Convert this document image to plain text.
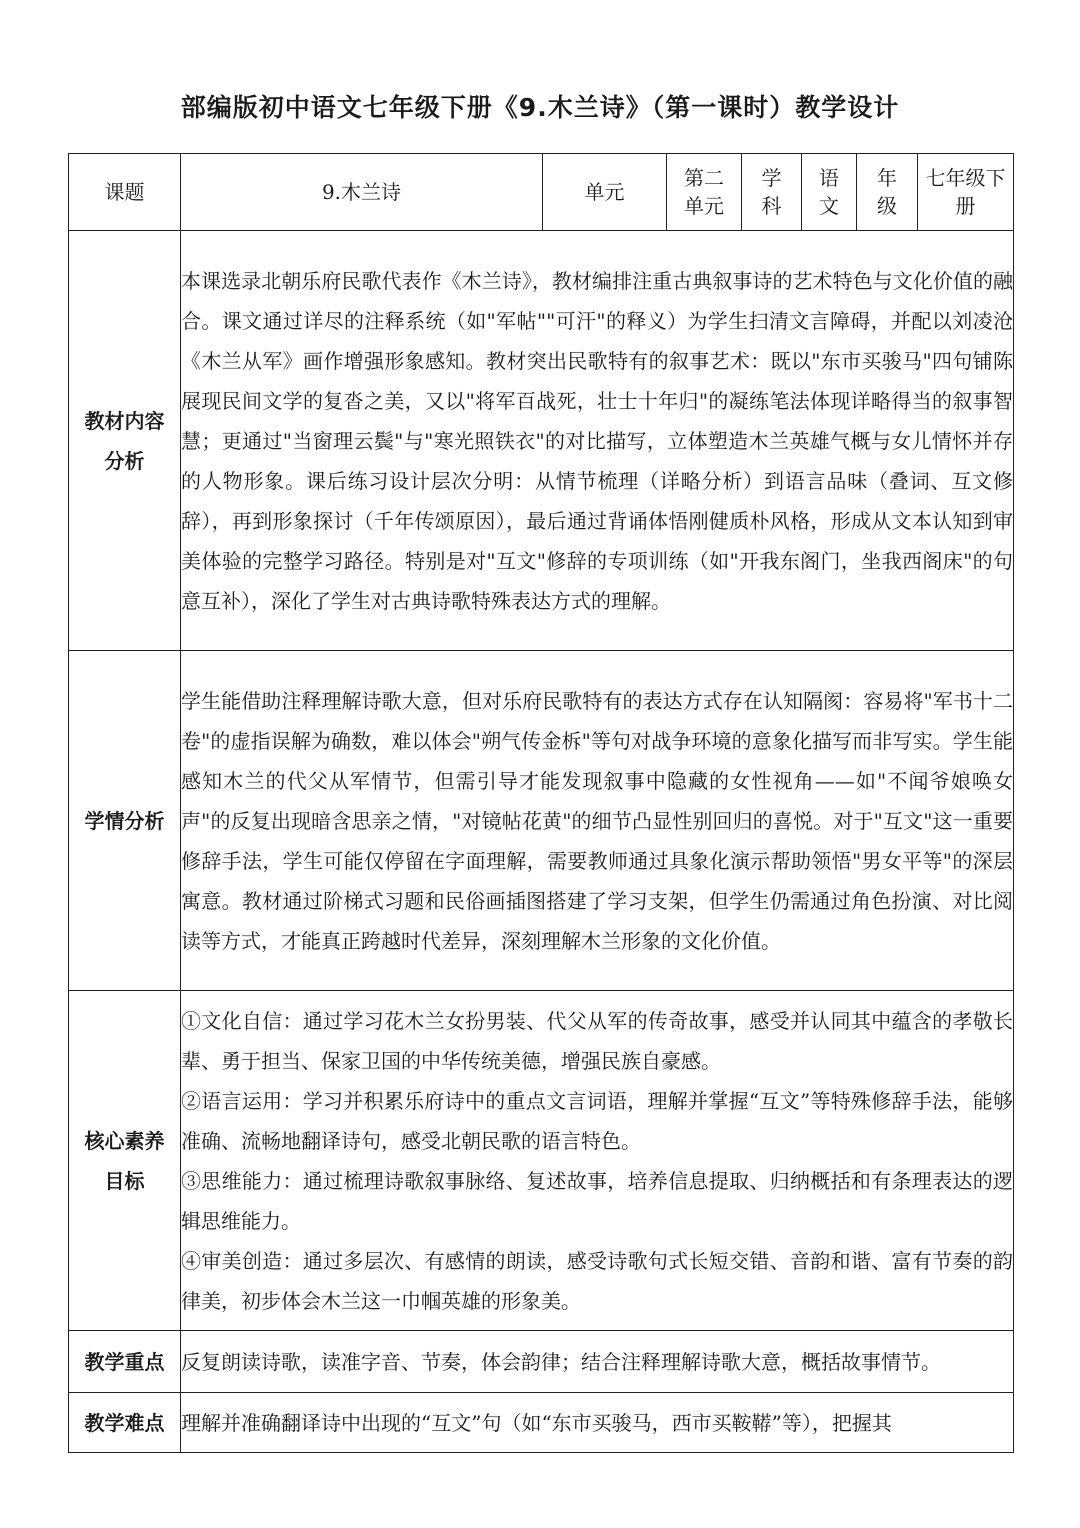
部编版初中语文七年级下册《9.木兰诗》（第一课时）教学设计
课题	9.木兰诗	单元	第二单元	学科	语文	年级	七年级下册

教材内容分析	本课选录北朝乐府民歌代表作《木兰诗》，教材编排注重古典叙事诗的艺术特色与文化价值的融合。课文通过详尽的注释系统（如"军帖""可汗"的释义）为学生扫清文言障碍，并配以刘凌沧《木兰从军》画作增强形象感知。教材突出民歌特有的叙事艺术：既以"东市买骏马"四句铺陈展现民间文学的复沓之美，又以"将军百战死，壮士十年归"的凝练笔法体现详略得当的叙事智慧；更通过"当窗理云鬓"与"寒光照铁衣"的对比描写，立体塑造木兰英雄气概与女儿情怀并存的人物形象。课后练习设计层次分明：从情节梳理（详略分析）到语言品味（叠词、互文修辞），再到形象探讨（千年传颂原因），最后通过背诵体悟刚健质朴风格，形成从文本认知到审美体验的完整学习路径。特别是对"互文"修辞的专项训练（如"开我东阁门，坐我西阁床"的句意互补），深化了学生对古典诗歌特殊表达方式的理解。						
学情分析	学生能借助注释理解诗歌大意，但对乐府民歌特有的表达方式存在认知隔阂：容易将"军书十二卷"的虚指误解为确数，难以体会"朔气传金柝"等句对战争环境的意象化描写而非写实。学生能感知木兰的代父从军情节，但需引导才能发现叙事中隐藏的女性视角——如"不闻爷娘唤女声"的反复出现暗含思亲之情，"对镜帖花黄"的细节凸显性别回归的喜悦。对于"互文"这一重要修辞手法，学生可能仅停留在字面理解，需要教师通过具象化演示帮助领悟"男女平等"的深层寓意。教材通过阶梯式习题和民俗画插图搭建了学习支架，但学生仍需通过角色扮演、对比阅读等方式，才能真正跨越时代差异，深刻理解木兰形象的文化价值。						

核心素养目标	①文化自信：通过学习花木兰女扮男装、代父从军的传奇故事，感受并认同其中蕴含的孝敬长辈、勇于担当、保家卫国的中华传统美德，增强民族自豪感。
②语言运用：学习并积累乐府诗中的重点文言词语，理解并掌握“互文”等特殊修辞手法，能够准确、流畅地翻译诗句，感受北朝民歌的语言特色。
③思维能力：通过梳理诗歌叙事脉络、复述故事，培养信息提取、归纳概括和有条理表达的逻辑思维能力。
④审美创造：通过多层次、有感情的朗读，感受诗歌句式长短交错、音韵和谐、富有节奏的韵律美，初步体会木兰这一巾帼英雄的形象美。						

教学重点	反复朗读诗歌，读准字音、节奏，体会韵律；结合注释理解诗歌大意，概括故事情节。						
教学难点	理解并准确翻译诗中出现的“互文”句（如“东市买骏马，西市买鞍鞯”等），把握其						
